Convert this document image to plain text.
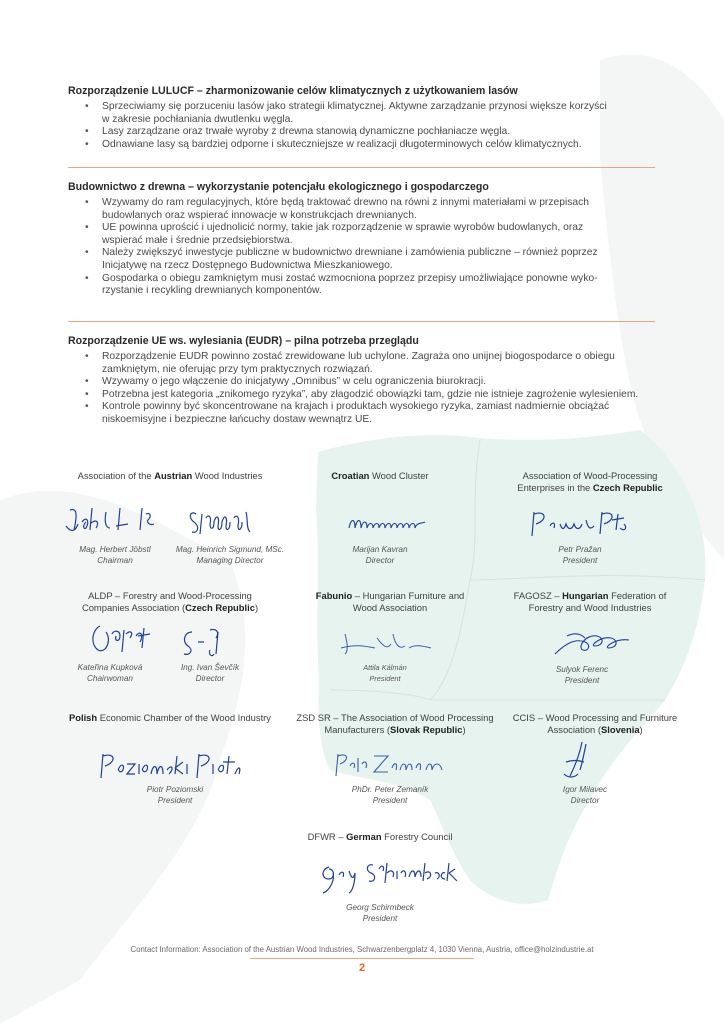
Rozporządzenie LULUCF – zharmonizowanie celów klimatycznych z użytkowaniem lasów
• Sprzeciwiamy się porzuceniu lasów jako strategii klimatycznej. Aktywne zarządzanie przynosi większe korzyści
w zakresie pochłaniania dwutlenku węgla.
• Lasy zarządzane oraz trwałe wyroby z drewna stanowią dynamiczne pochłaniacze węgla.
• Odnawiane lasy są bardziej odporne i skuteczniejsze w realizacji długoterminowych celów klimatycznych.
Budownictwo z drewna – wykorzystanie potencjału ekologicznego i gospodarczego
• Wzywamy do ram regulacyjnych, które będą traktować drewno na równi z innymi materiałami w przepisach
budowlanych oraz wspierać innowacje w konstrukcjach drewnianych.
• UE powinna uprościć i ujednolicić normy, takie jak rozporządzenie w sprawie wyrobów budowlanych, oraz
wspierać małe i średnie przedsiębiorstwa.
• Należy zwiększyć inwestycje publiczne w budownictwo drewniane i zamówienia publiczne – również poprzez
Inicjatywę na rzecz Dostępnego Budownictwa Mieszkaniowego.
• Gospodarka o obiegu zamkniętym musi zostać wzmocniona poprzez przepisy umożliwiające ponowne wyko-
rzystanie i recykling drewnianych komponentów.
Rozporządzenie UE ws. wylesiania (EUDR) – pilna potrzeba przeglądu
• Rozporządzenie EUDR powinno zostać zrewidowane lub uchylone. Zagraża ono unijnej biogospodarce o obiegu
zamkniętym, nie oferując przy tym praktycznych rozwiązań.
• Wzywamy o jego włączenie do inicjatywy „Omnibus” w celu ograniczenia biurokracji.
• Potrzebna jest kategoria „znikomego ryzyka”, aby złagodzić obowiązki tam, gdzie nie istnieje zagrożenie wylesieniem.
• Kontrole powinny być skoncentrowane na krajach i produktach wysokiego ryzyka, zamiast nadmiernie obciążać
niskoemisyjne i bezpieczne łańcuchy dostaw wewnątrz UE.
Association of the Austrian Wood Industries
Mag. Herbert Jöbstl
Chairman
Mag. Heinrich Sigmund, MSc.
Managing Director
Croatian Wood Cluster
Marijan Kavran
Director
Association of Wood-Processing
Enterprises in the Czech Republic
Petr Pražan
President
ALDP – Forestry and Wood-Processing
Companies Association (Czech Republic)
Kateřina Kupková
Chairwoman
Ing. Ivan Ševčík
Director
Fabunio – Hungarian Furniture and
Wood Association
Attila Kálmán
President
FAGOSZ – Hungarian Federation of
Forestry and Wood Industries
Sulyok Ferenc
President
Polish Economic Chamber of the Wood Industry
Piotr Poziomski
President
ZSD SR – The Association of Wood Processing
Manufacturers (Slovak Republic)
PhDr. Peter Zemaník
President
CCIS – Wood Processing and Furniture
Association (Slovenia)
Igor Milavec
Director
DFWR – German Forestry Council
Georg Schirmbeck
President
Contact Information: Association of the Austrian Wood Industries, Schwarzenbergplatz 4, 1030 Vienna, Austria, office@holzindustrie.at
2
